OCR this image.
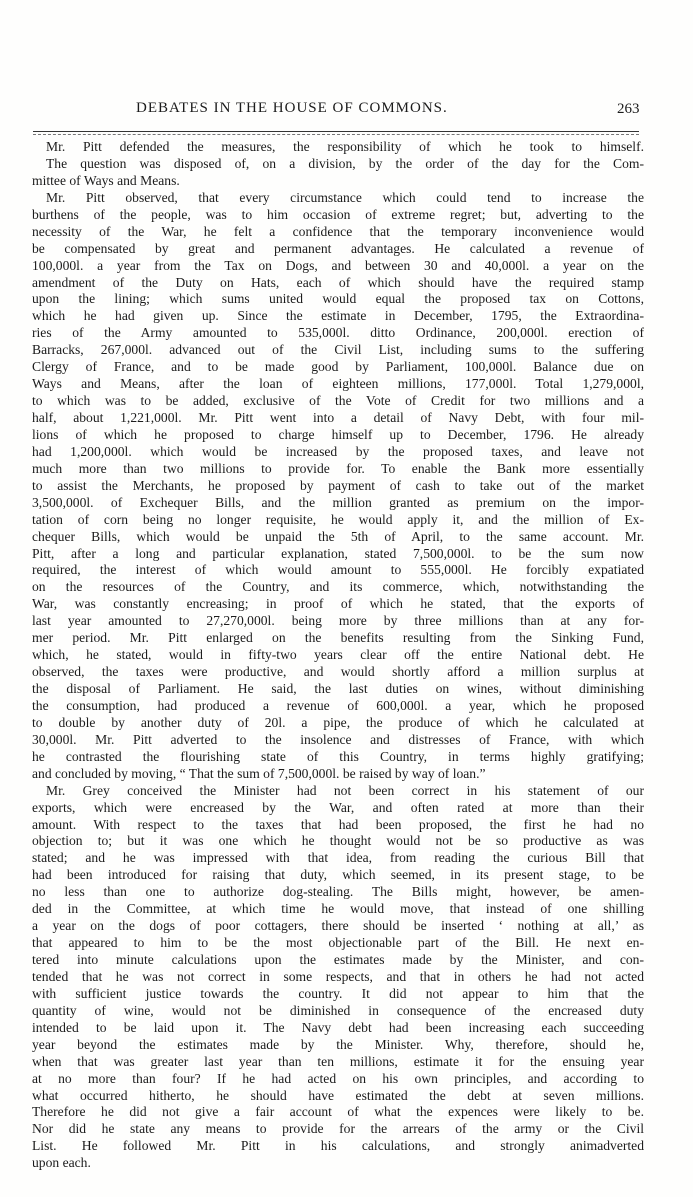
DEBATES IN THE HOUSE OF COMMONS.	263
Mr. Pitt defended the measures, the responsibility of which he took to himself.
The question was disposed of, on a division, by the order of the day for the Com-
mittee of Ways and Means.
Mr. Pitt observed, that every circumstance which could tend to increase the
burthens of the people, was to him occasion of extreme regret; but, adverting to the
necessity of the War, he felt a confidence that the temporary inconvenience would
be compensated by great and permanent advantages. He calculated a revenue of
100,000l. a year from the Tax on Dogs, and between 30 and 40,000l. a year on the
amendment of the Duty on Hats, each of which should have the required stamp
upon the lining; which sums united would equal the proposed tax on Cottons,
which he had given up. Since the estimate in December, 1795, the Extraordina-
ries of the Army amounted to 535,000l. ditto Ordinance, 200,000l. erection of
Barracks, 267,000l. advanced out of the Civil List, including sums to the suffering
Clergy of France, and to be made good by Parliament, 100,000l. Balance due on
Ways and Means, after the loan of eighteen millions, 177,000l. Total 1,279,000l,
to which was to be added, exclusive of the Vote of Credit for two millions and a
half, about 1,221,000l. Mr. Pitt went into a detail of Navy Debt, with four mil-
lions of which he proposed to charge himself up to December, 1796. He already
had 1,200,000l. which would be increased by the proposed taxes, and leave not
much more than two millions to provide for. To enable the Bank more essentially
to assist the Merchants, he proposed by payment of cash to take out of the market
3,500,000l. of Exchequer Bills, and the million granted as premium on the impor-
tation of corn being no longer requisite, he would apply it, and the million of Ex-
chequer Bills, which would be unpaid the 5th of April, to the same account. Mr.
Pitt, after a long and particular explanation, stated 7,500,000l. to be the sum now
required, the interest of which would amount to 555,000l. He forcibly expatiated
on the resources of the Country, and its commerce, which, notwithstanding the
War, was constantly encreasing; in proof of which he stated, that the exports of
last year amounted to 27,270,000l. being more by three millions than at any for-
mer period. Mr. Pitt enlarged on the benefits resulting from the Sinking Fund,
which, he stated, would in fifty-two years clear off the entire National debt. He
observed, the taxes were productive, and would shortly afford a million surplus at
the disposal of Parliament. He said, the last duties on wines, without diminishing
the consumption, had produced a revenue of 600,000l. a year, which he proposed
to double by another duty of 20l. a pipe, the produce of which he calculated at
30,000l. Mr. Pitt adverted to the insolence and distresses of France, with which
he contrasted the flourishing state of this Country, in terms highly gratifying;
and concluded by moving, “ That the sum of 7,500,000l. be raised by way of loan.”
Mr. Grey conceived the Minister had not been correct in his statement of our
exports, which were encreased by the War, and often rated at more than their
amount. With respect to the taxes that had been proposed, the first he had no
objection to; but it was one which he thought would not be so productive as was
stated; and he was impressed with that idea, from reading the curious Bill that
had been introduced for raising that duty, which seemed, in its present stage, to be
no less than one to authorize dog-stealing. The Bills might, however, be amen-
ded in the Committee, at which time he would move, that instead of one shilling
a year on the dogs of poor cottagers, there should be inserted ‘ nothing at all,’ as
that appeared to him to be the most objectionable part of the Bill. He next en-
tered into minute calculations upon the estimates made by the Minister, and con-
tended that he was not correct in some respects, and that in others he had not acted
with sufficient justice towards the country. It did not appear to him that the
quantity of wine, would not be diminished in consequence of the encreased duty
intended to be laid upon it. The Navy debt had been increasing each succeeding
year beyond the estimates made by the Minister. Why, therefore, should he,
when that was greater last year than ten millions, estimate it for the ensuing year
at no more than four? If he had acted on his own principles, and according to
what occurred hitherto, he should have estimated the debt at seven millions.
Therefore he did not give a fair account of what the expences were likely to be.
Nor did he state any means to provide for the arrears of the army or the Civil
List. He followed Mr. Pitt in his calculations, and strongly animadverted
upon each.
